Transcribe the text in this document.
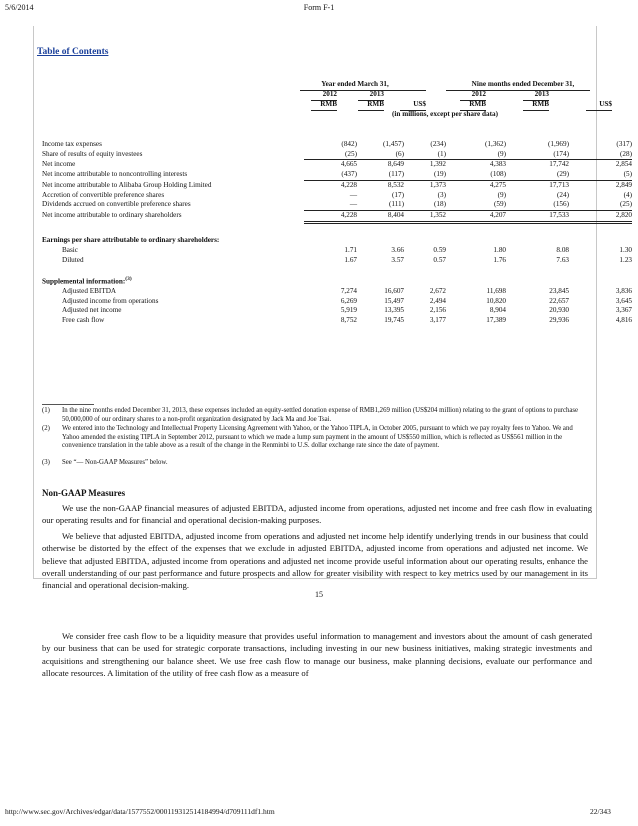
5/6/2014	Form F-1
Table of Contents
Year ended March 31,	Nine months ended December 31,
2012	2013	2012	2013
RMB	RMB	US$	RMB	RMB	US$
(in millions, except per share data)
Income tax expenses	(842)	(1,457)	(234)	(1,362)	(1,969)	(317)
Share of results of equity investees	(25)	(6)	(1)	(9)	(174)	(28)
Net income	4,665	8,649	1,392	4,383	17,742	2,854
Net income attributable to noncontrolling interests	(437)	(117)	(19)	(108)	(29)	(5)
Net income attributable to Alibaba Group Holding Limited	4,228	8,532	1,373	4,275	17,713	2,849
Accretion of convertible preference shares	—	(17)	(3)	(9)	(24)	(4)
Dividends accrued on convertible preference shares	—	(111)	(18)	(59)	(156)	(25)
Net income attributable to ordinary shareholders	4,228	8,404	1,352	4,207	17,533	2,820

Earnings per share attributable to ordinary shareholders:						
Basic	1.71	3.66	0.59	1.80	8.08	1.30
Diluted	1.67	3.57	0.57	1.76	7.63	1.23

Supplemental information:$^{(3)}$						
Adjusted EBITDA	7,274	16,607	2,672	11,698	23,845	3,836
Adjusted income from operations	6,269	15,497	2,494	10,820	22,657	3,645
Adjusted net income	5,919	13,395	2,156	8,904	20,930	3,367
Free cash flow	8,752	19,745	3,177	17,389	29,936	4,816
(1) In the nine months ended December 31, 2013, these expenses included an equity-settled donation expense of RMB1,269 million (US$204 million) relating to the grant of options to purchase 50,000,000 of our ordinary shares to a non-profit organization designated by Jack Ma and Joe Tsai.
(2) We entered into the Technology and Intellectual Property Licensing Agreement with Yahoo, or the Yahoo TIPLA, in October 2005, pursuant to which we pay royalty fees to Yahoo. We and Yahoo amended the existing TIPLA in September 2012, pursuant to which we made a lump sum payment in the amount of US$550 million, which is reflected as US$561 million in the convenience translation in the table above as a result of the change in the Renminbi to U.S. dollar exchange rate since the date of payment.
(3) See “— Non-GAAP Measures” below.
Non-GAAP Measures
We use the non-GAAP financial measures of adjusted EBITDA, adjusted income from operations, adjusted net income and free cash flow in evaluating our operating results and for financial and operational decision-making purposes.
We believe that adjusted EBITDA, adjusted income from operations and adjusted net income help identify underlying trends in our business that could otherwise be distorted by the effect of the expenses that we exclude in adjusted EBITDA, adjusted income from operations and adjusted net income. We believe that adjusted EBITDA, adjusted income from operations and adjusted net income provide useful information about our operating results, enhance the overall understanding of our past performance and future prospects and allow for greater visibility with respect to key metrics used by our management in its financial and operational decision-making.
We consider free cash flow to be a liquidity measure that provides useful information to management and investors about the amount of cash generated by our business that can be used for strategic corporate transactions, including investing in our new business initiatives, making strategic investments and acquisitions and strengthening our balance sheet. We use free cash flow to manage our business, make planning decisions, evaluate our performance and allocate resources. A limitation of the utility of free cash flow as a measure of
15
http://www.sec.gov/Archives/edgar/data/1577552/000119312514184994/d709111df1.htm	22/343
